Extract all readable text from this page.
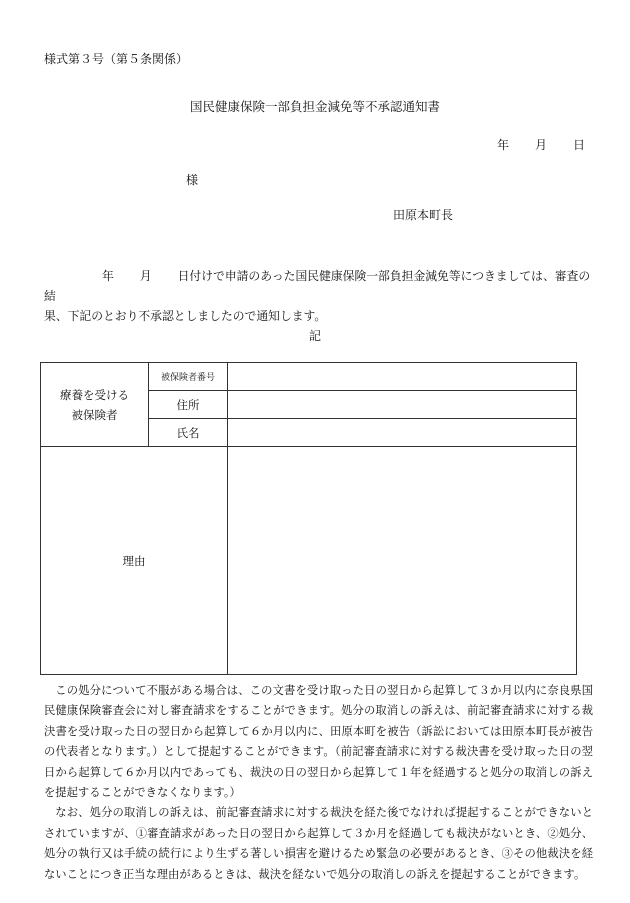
様式第３号（第５条関係）
国民健康保険一部負担金減免等不承認通知書
年 月 日
様
田原本町長
年 月 日付けで申請のあった国民健康保険一部負担金減免等につきましては、審査の結
果、下記のとおり不承認としましたので通知します。
記
療養を受ける
被保険者	被保険者番号	
	住所	
	氏名	
理由		

この処分について不服がある場合は、この文書を受け取った日の翌日から起算して３か月以内に奈良県国民健康保険審査会に対し審査請求をすることができます。処分の取消しの訴えは、前記審査請求に対する裁決書を受け取った日の翌日から起算して６か月以内に、田原本町を被告（訴訟においては田原本町長が被告の代表者となります。）として提起することができます。（前記審査請求に対する裁決書を受け取った日の翌日から起算して６か月以内であっても、裁決の日の翌日から起算して１年を経過すると処分の取消しの訴えを提起することができなくなります。）

なお、処分の取消しの訴えは、前記審査請求に対する裁決を経た後でなければ提起することができないとされていますが、①審査請求があった日の翌日から起算して３か月を経過しても裁決がないとき、②処分、処分の執行又は手続の続行により生ずる著しい損害を避けるため緊急の必要があるとき、③その他裁決を経ないことにつき正当な理由があるときは、裁決を経ないで処分の取消しの訴えを提起することができます。
